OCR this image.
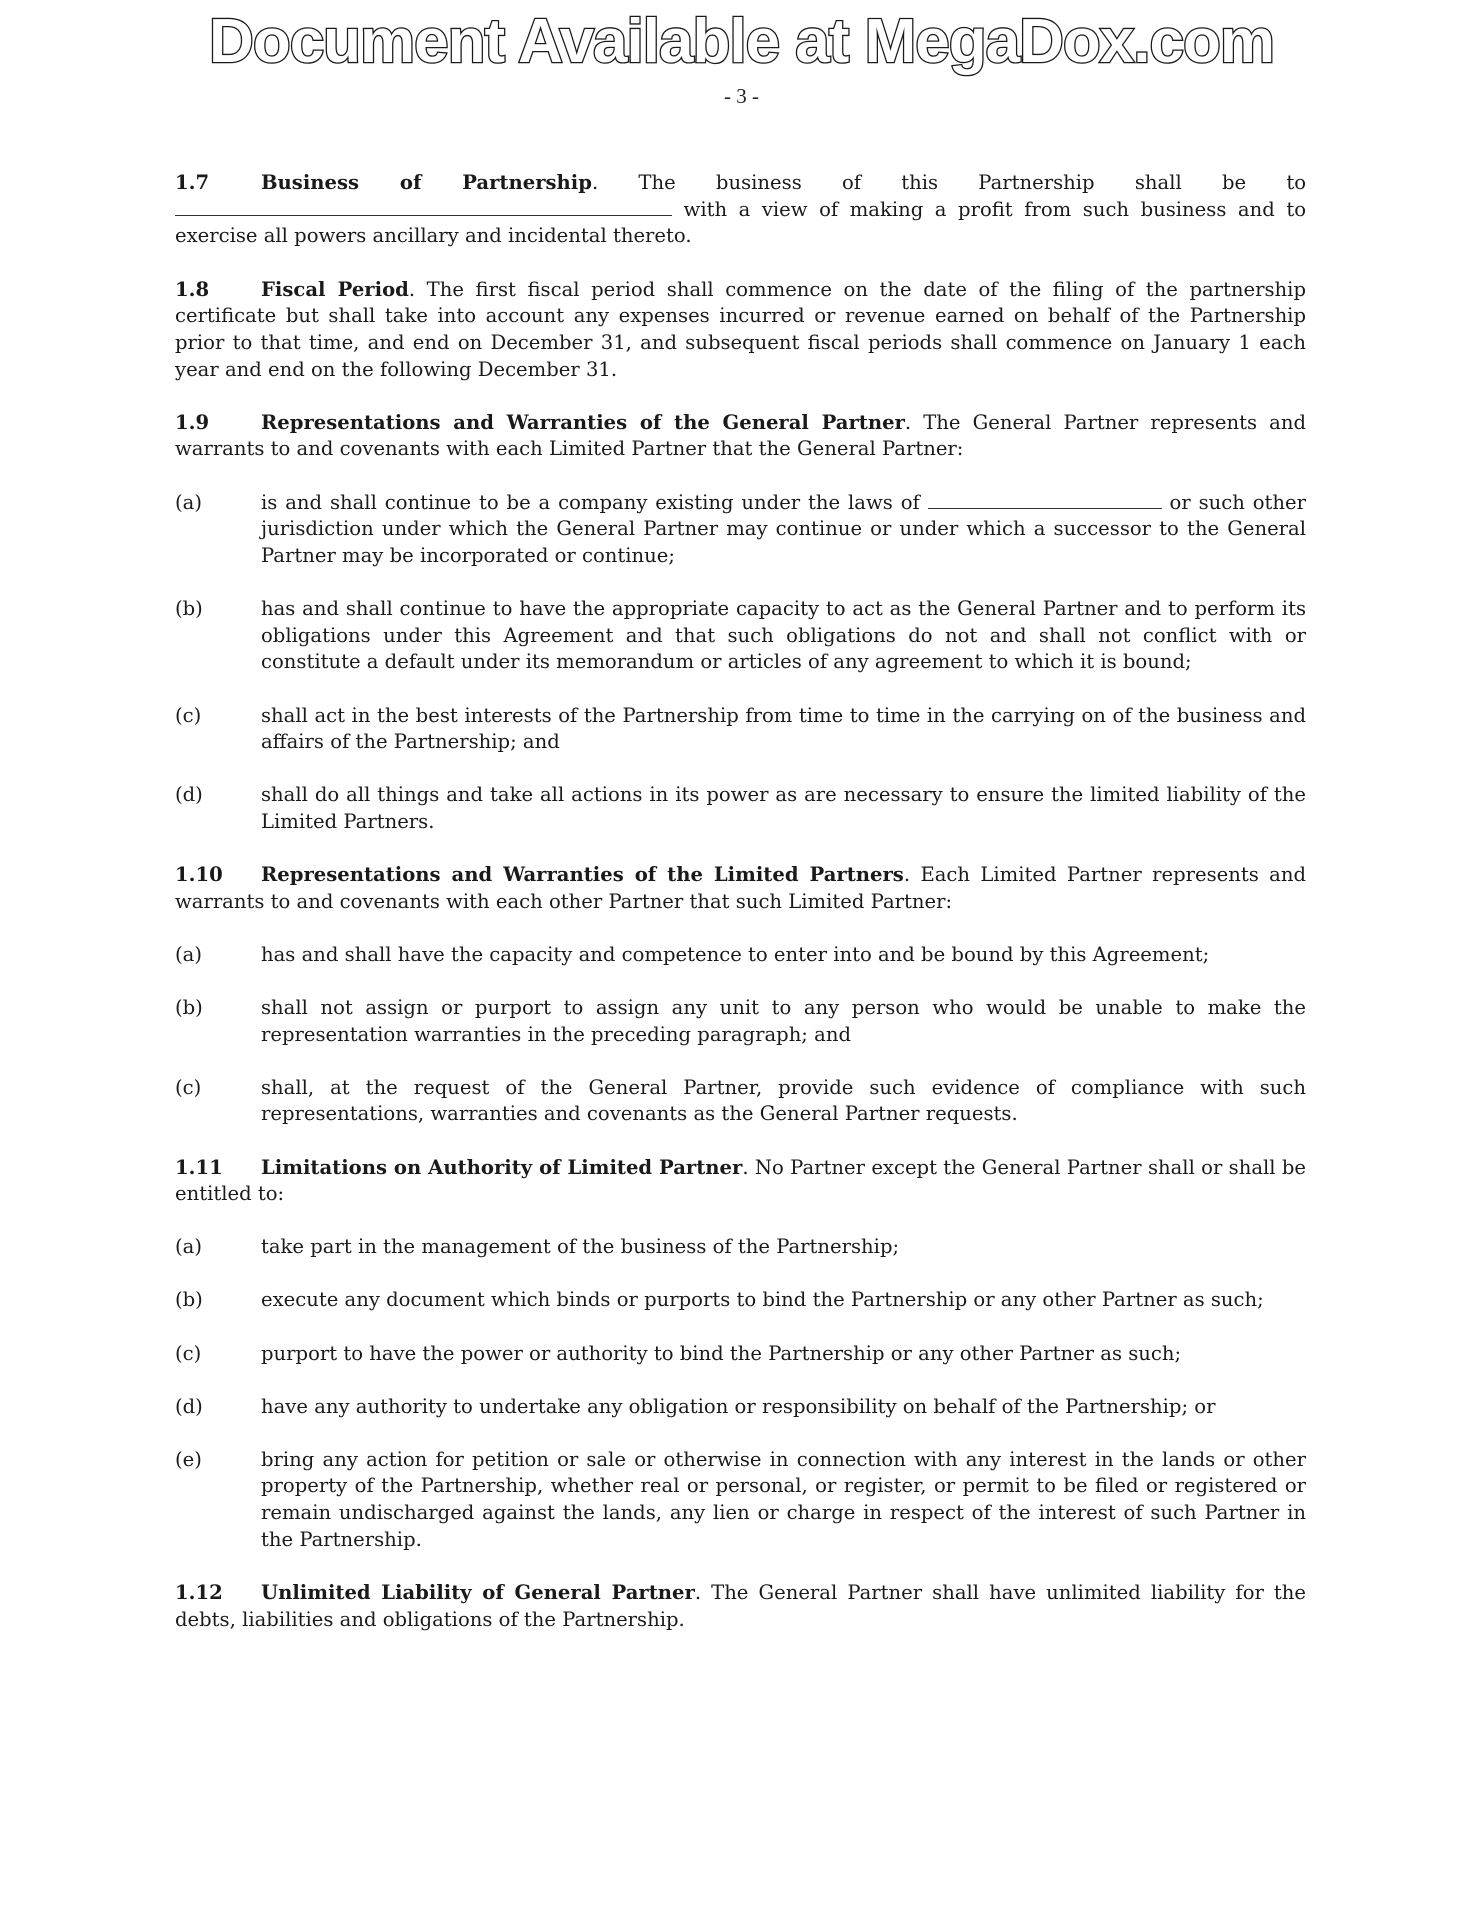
Document Available at MegaDox.com
- 3 -

1.7	Business of Partnership. The business of this Partnership shall be to  with a view of making a profit from such business and to exercise all powers ancillary and incidental thereto.

1.8	Fiscal Period. The first fiscal period shall commence on the date of the filing of the partnership certificate but shall take into account any expenses incurred or revenue earned on behalf of the Partnership prior to that time, and end on December 31, and subsequent fiscal periods shall commence on January 1 each year and end on the following December 31.

1.9	Representations and Warranties of the General Partner. The General Partner represents and warrants to and covenants with each Limited Partner that the General Partner:

(a)	is and shall continue to be a company existing under the laws of	or such other jurisdiction under which the General Partner may continue or under which a successor to the General Partner may be incorporated or continue;
(b)	has and shall continue to have the appropriate capacity to act as the General Partner and to perform its obligations under this Agreement and that such obligations do not and shall not conflict with or constitute a default under its memorandum or articles of any agreement to which it is bound;
(c)	shall act in the best interests of the Partnership from time to time in the carrying on of the business and affairs of the Partnership; and
(d)	shall do all things and take all actions in its power as are necessary to ensure the limited liability of the Limited Partners.

1.10 Representations and Warranties of the Limited Partners. Each Limited Partner represents and warrants to and covenants with each other Partner that such Limited Partner:

(a)	has and shall have the capacity and competence to enter into and be bound by this Agreement;
(b)	shall not assign or purport to assign any unit to any person who would be unable to make the representation warranties in the preceding paragraph; and
(c)	shall, at the request of the General Partner, provide such evidence of compliance with such representations, warranties and covenants as the General Partner requests.

1.11 Limitations on Authority of Limited Partner. No Partner except the General Partner shall or shall be entitled to:

(a)	take part in the management of the business of the Partnership;
(b)	execute any document which binds or purports to bind the Partnership or any other Partner as such;
(c)	purport to have the power or authority to bind the Partnership or any other Partner as such;
(d)	have any authority to undertake any obligation or responsibility on behalf of the Partnership; or
(e)	bring any action for petition or sale or otherwise in connection with any interest in the lands or other property of the Partnership, whether real or personal, or register, or permit to be filed or registered or remain undischarged against the lands, any lien or charge in respect of the interest of such Partner in the Partnership.

1.12 Unlimited Liability of General Partner. The General Partner shall have unlimited liability for the debts, liabilities and obligations of the Partnership.
